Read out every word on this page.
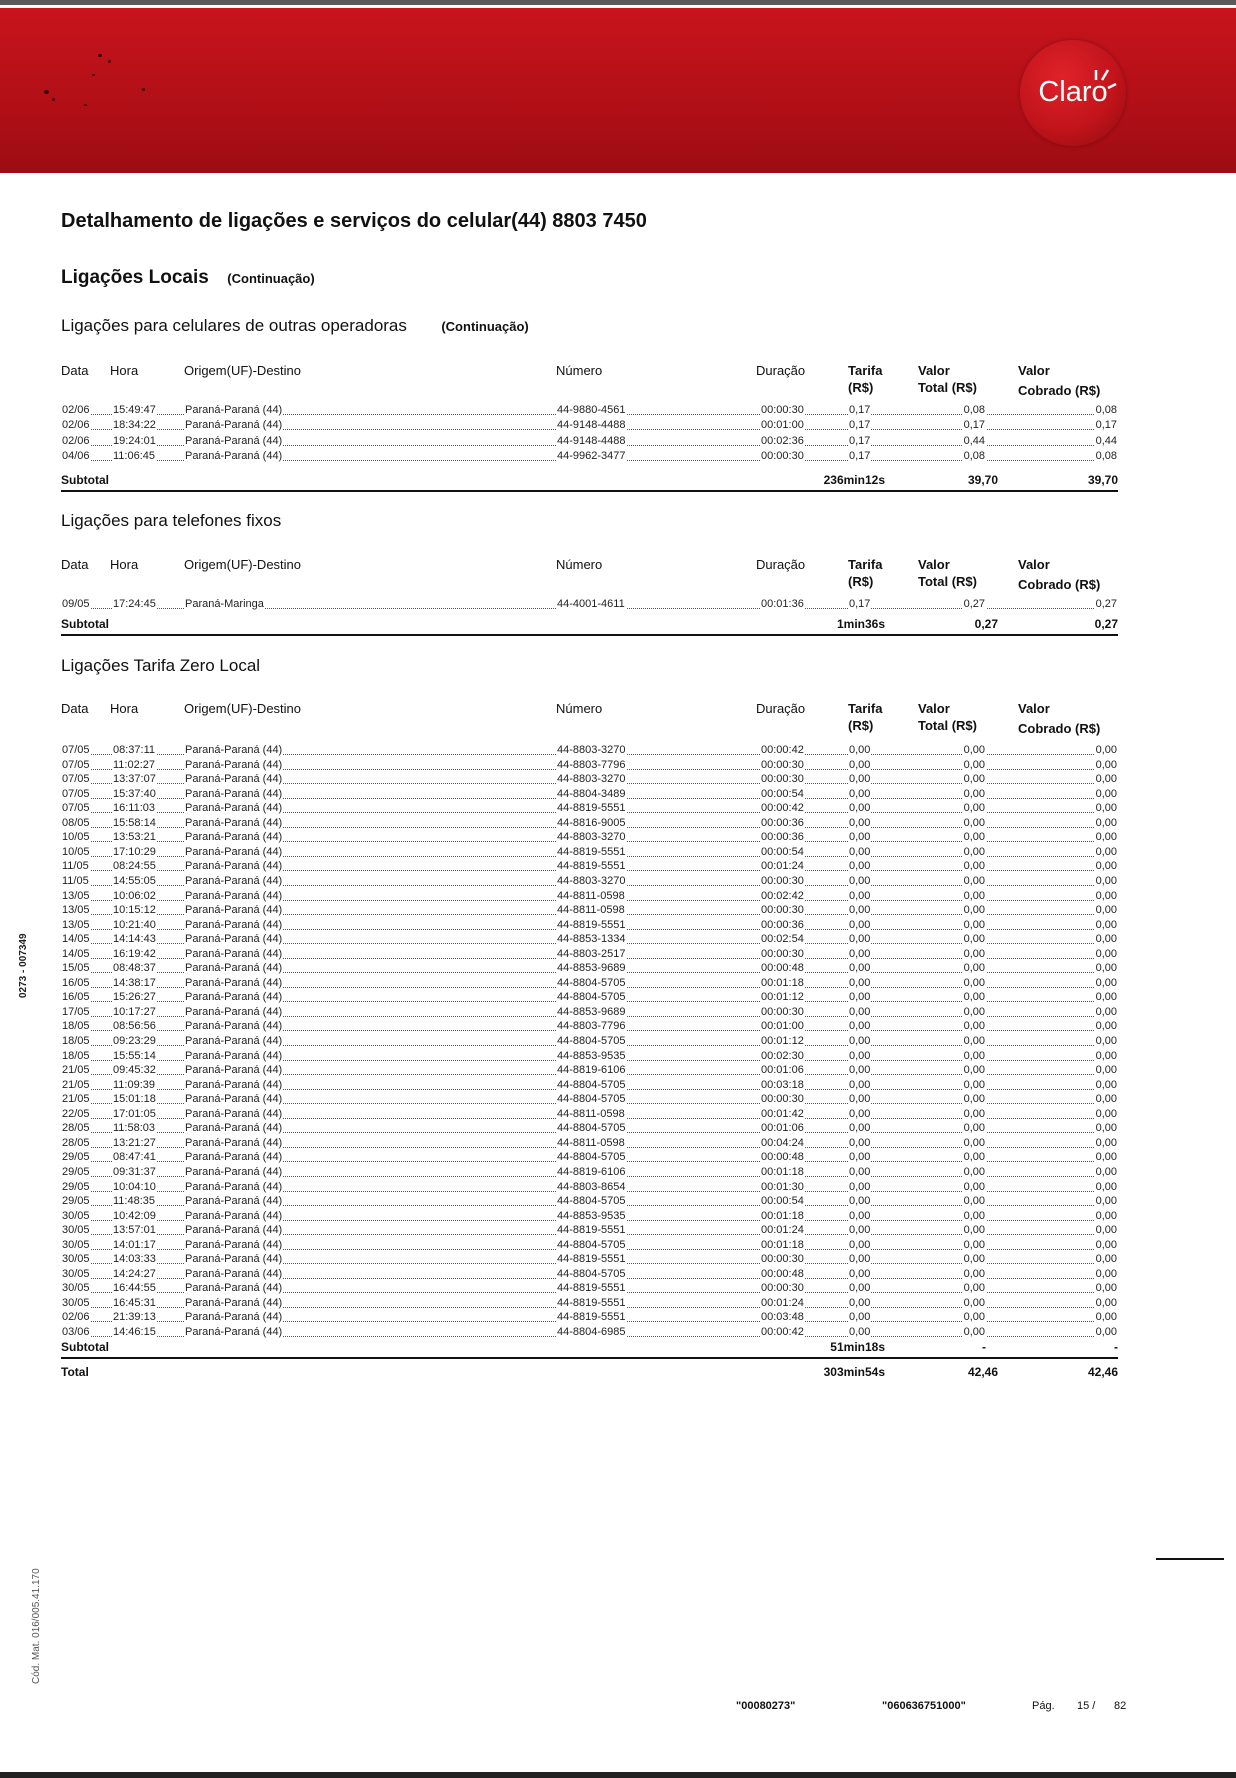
Claro
Detalhamento de ligações e serviços do celular(44) 8803 7450
Ligações Locais (Continuação)
Ligações para celulares de outras operadoras	(Continuação)
Data Hora	Origem(UF)-Destino	Número	Duração	Tarifa
(R$)
Valor
Total (R$)
Valor
Cobrado (R$)
02/06 15:49:47	Paraná-Paraná (44)	44-9880-4561	00:00:30	0,17	0,08	0,08
02/06 18:34:22	Paraná-Paraná (44)	44-9148-4488	00:01:00	0,17	0,17	0,17
02/06 19:24:01	Paraná-Paraná (44)	44-9148-4488	00:02:36	0,17	0,44	0,44
04/06 11:06:45	Paraná-Paraná (44)	44-9962-3477	00:00:30	0,17	0,08	0,08
Subtotal	236min12s	39,70	39,70
Ligações para telefones fixos
Data Hora	Origem(UF)-Destino	Número	Duração	Tarifa
(R$)
Valor
Total (R$)
Valor
Cobrado (R$)
09/05 17:24:45	Paraná-Maringa	44-4001-4611	00:01:36	0,17	0,27	0,27
Subtotal	1min36s	0,27	0,27
Ligações Tarifa Zero Local
Data Hora	Origem(UF)-Destino	Número	Duração	Tarifa
(R$)
Valor
Total (R$)
Valor
Cobrado (R$)
07/05 08:37:11	Paraná-Paraná (44)	44-8803-3270	00:00:42	0,00	0,00	0,00
07/05 11:02:27	Paraná-Paraná (44)	44-8803-7796	00:00:30	0,00	0,00	0,00
07/05 13:37:07	Paraná-Paraná (44)	44-8803-3270	00:00:30	0,00	0,00	0,00
07/05 15:37:40	Paraná-Paraná (44)	44-8804-3489	00:00:54	0,00	0,00	0,00
07/05 16:11:03	Paraná-Paraná (44)	44-8819-5551	00:00:42	0,00	0,00	0,00
08/05 15:58:14	Paraná-Paraná (44)	44-8816-9005	00:00:36	0,00	0,00	0,00
10/05 13:53:21	Paraná-Paraná (44)	44-8803-3270	00:00:36	0,00	0,00	0,00
10/05 17:10:29	Paraná-Paraná (44)	44-8819-5551	00:00:54	0,00	0,00	0,00
11/05 08:24:55	Paraná-Paraná (44)	44-8819-5551	00:01:24	0,00	0,00	0,00
11/05 14:55:05	Paraná-Paraná (44)	44-8803-3270	00:00:30	0,00	0,00	0,00
13/05 10:06:02	Paraná-Paraná (44)	44-8811-0598	00:02:42	0,00	0,00	0,00
13/05 10:15:12	Paraná-Paraná (44)	44-8811-0598	00:00:30	0,00	0,00	0,00
13/05 10:21:40	Paraná-Paraná (44)	44-8819-5551	00:00:36	0,00	0,00	0,00
14/05 14:14:43	Paraná-Paraná (44)	44-8853-1334	00:02:54	0,00	0,00	0,00
14/05 16:19:42	Paraná-Paraná (44)	44-8803-2517	00:00:30	0,00	0,00	0,00
15/05 08:48:37	Paraná-Paraná (44)	44-8853-9689	00:00:48	0,00	0,00	0,00
16/05 14:38:17	Paraná-Paraná (44)	44-8804-5705	00:01:18	0,00	0,00	0,00
16/05 15:26:27	Paraná-Paraná (44)	44-8804-5705	00:01:12	0,00	0,00	0,00
17/05 10:17:27	Paraná-Paraná (44)	44-8853-9689	00:00:30	0,00	0,00	0,00
18/05 08:56:56	Paraná-Paraná (44)	44-8803-7796	00:01:00	0,00	0,00	0,00
18/05 09:23:29	Paraná-Paraná (44)	44-8804-5705	00:01:12	0,00	0,00	0,00
18/05 15:55:14	Paraná-Paraná (44)	44-8853-9535	00:02:30	0,00	0,00	0,00
21/05 09:45:32	Paraná-Paraná (44)	44-8819-6106	00:01:06	0,00	0,00	0,00
21/05 11:09:39	Paraná-Paraná (44)	44-8804-5705	00:03:18	0,00	0,00	0,00
21/05 15:01:18	Paraná-Paraná (44)	44-8804-5705	00:00:30	0,00	0,00	0,00
22/05 17:01:05	Paraná-Paraná (44)	44-8811-0598	00:01:42	0,00	0,00	0,00
28/05 11:58:03	Paraná-Paraná (44)	44-8804-5705	00:01:06	0,00	0,00	0,00
28/05 13:21:27	Paraná-Paraná (44)	44-8811-0598	00:04:24	0,00	0,00	0,00
29/05 08:47:41	Paraná-Paraná (44)	44-8804-5705	00:00:48	0,00	0,00	0,00
29/05 09:31:37	Paraná-Paraná (44)	44-8819-6106	00:01:18	0,00	0,00	0,00
29/05 10:04:10	Paraná-Paraná (44)	44-8803-8654	00:01:30	0,00	0,00	0,00
29/05 11:48:35	Paraná-Paraná (44)	44-8804-5705	00:00:54	0,00	0,00	0,00
30/05 10:42:09	Paraná-Paraná (44)	44-8853-9535	00:01:18	0,00	0,00	0,00
30/05 13:57:01	Paraná-Paraná (44)	44-8819-5551	00:01:24	0,00	0,00	0,00
30/05 14:01:17	Paraná-Paraná (44)	44-8804-5705	00:01:18	0,00	0,00	0,00
30/05 14:03:33	Paraná-Paraná (44)	44-8819-5551	00:00:30	0,00	0,00	0,00
30/05 14:24:27	Paraná-Paraná (44)	44-8804-5705	00:00:48	0,00	0,00	0,00
30/05 16:44:55	Paraná-Paraná (44)	44-8819-5551	00:00:30	0,00	0,00	0,00
30/05 16:45:31	Paraná-Paraná (44)	44-8819-5551	00:01:24	0,00	0,00	0,00
02/06 21:39:13	Paraná-Paraná (44)	44-8819-5551	00:03:48	0,00	0,00	0,00
03/06 14:46:15	Paraná-Paraná (44)	44-8804-6985	00:00:42	0,00	0,00	0,00
Subtotal	51min18s	-	-
Total	303min54s	42,46	42,46
0273 - 007349
Cód. Mat. 016/005.41.170
"00080273"	"060636751000"	Pág. 15 / 82
